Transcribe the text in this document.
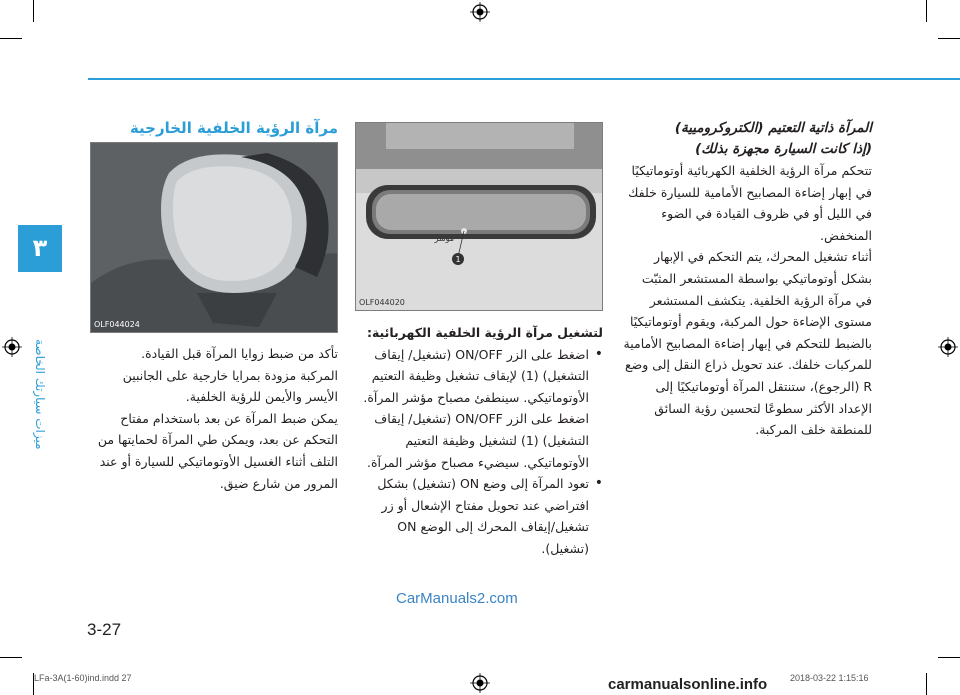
٣
ميزات سيارتك الخاصة
مرآة الرؤية الخلفية الخارجية
OLF044024

تأكد من ضبط زوايا المرآة قبل القيادة.

المركبة مزودة بمرايا خارجية على الجانبين الأيسر والأيمن للرؤية الخلفية.

يمكن ضبط المرآة عن بعد باستخدام مفتاح التحكم عن بعد، ويمكن طي المرآة لحمايتها من التلف أثناء الغسيل الأوتوماتيكي للسيارة أو عند المرور من شارع ضيق.

1
مؤشر
OLF044020

لتشغيل مرآة الرؤية الخلفية الكهربائية:

• اضغط على الزر ON/OFF (تشغيل/ إيقاف التشغيل) (1) لإيقاف تشغيل وظيفة التعتيم الأوتوماتيكي. سينطفئ مصباح مؤشر المرآة. اضغط على الزر ON/OFF (تشغيل/ إيقاف التشغيل) (1) لتشغيل وظيفة التعتيم الأوتوماتيكي. سيضيء مصباح مؤشر المرآة.
• تعود المرآة إلى وضع ON (تشغيل) بشكل افتراضي عند تحويل مفتاح الإشعال أو زر تشغيل/إيقاف المحرك إلى الوضع ON (تشغيل).

المرآة ذاتية التعتيم (الكتروكروميية)

(إذا كانت السيارة مجهزة بذلك)

تتحكم مرآة الرؤية الخلفية الكهربائية أوتوماتيكيًا في إبهار إضاءة المصابيح الأمامية للسيارة خلفك في الليل أو في ظروف القيادة في الضوء المنخفض.

أثناء تشغيل المحرك، يتم التحكم في الإبهار بشكل أوتوماتيكي بواسطة المستشعر المثبّت في مرآة الرؤية الخلفية. يتكشف المستشعر مستوى الإضاءة حول المركبة، ويقوم أوتوماتيكيًا بالضبط للتحكم في إبهار إضاءة المصابيح الأمامية للمركبات خلفك. عند تحويل ذراع النقل إلى وضع R (الرجوع)، ستنتقل المرآة أوتوماتيكيًا إلى الإعداد الأكثر سطوعًا لتحسين رؤية السائق للمنطقة خلف المركبة.

CarManuals2.com
3-27
LFa-3A(1-60)ind.indd 27	2018-03-22 1:15:16
carmanualsonline.info
